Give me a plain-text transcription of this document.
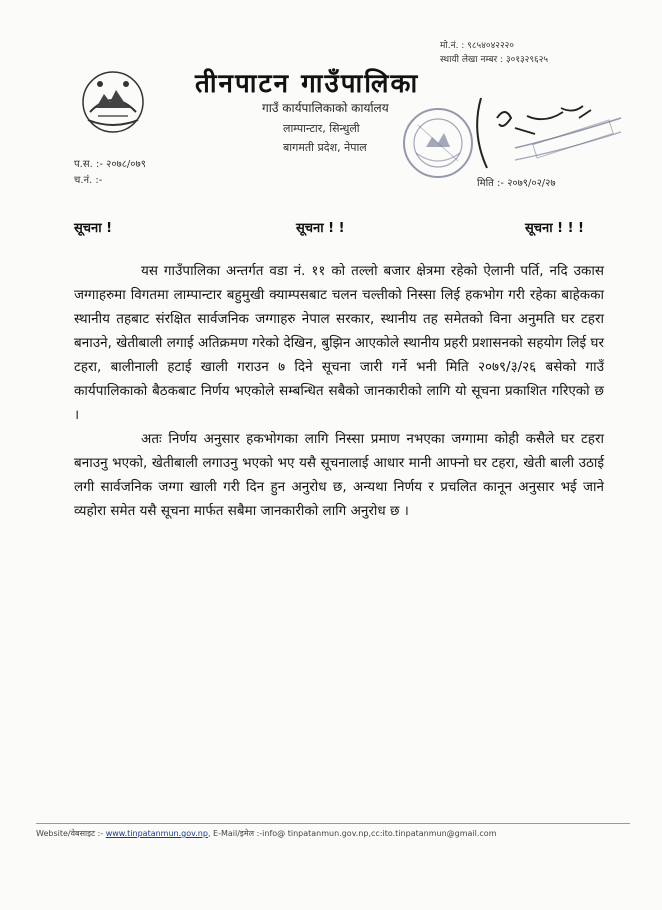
मो.नं. : ९८५४०४२२२०
स्थायी लेखा नम्बर : ३०१३२९६२५
तीनपाटन गाउँपालिका
गाउँ कार्यपालिकाको कार्यालय
लाम्पान्टार, सिन्धुली
बागमती प्रदेश, नेपाल
प.स. :- २०७८/०७९
च.नं. :-	मिति :- २०७९/०२/२७
सूचना !	सूचना ! !	सूचना ! ! !

यस गाउँपालिका अन्तर्गत वडा नं. ११ को तल्लो बजार क्षेत्रमा रहेको ऐलानी पर्ति, नदि उकास जग्गाहरुमा विगतमा लाम्पान्टार बहुमुखी क्याम्पसबाट चलन चल्तीको निस्सा लिई हकभोग गरी रहेका बाहेकका स्थानीय तहबाट संरक्षित सार्वजनिक जग्गाहरु नेपाल सरकार, स्थानीय तह समेतको विना अनुमति घर टहरा बनाउने, खेतीबाली लगाई अतिक्रमण गरेको देखिन, बुझिन आएकोले स्थानीय प्रहरी प्रशासनको सहयोग लिई घर टहरा, बालीनाली हटाई खाली गराउन ७ दिने सूचना जारी गर्ने भनी मिति २०७९/३/२६ बसेको गाउँ कार्यपालिकाको बैठकबाट निर्णय भएकोले सम्बन्धित सबैको जानकारीको लागि यो सूचना प्रकाशित गरिएको छ ।

अतः निर्णय अनुसार हकभोगका लागि निस्सा प्रमाण नभएका जग्गामा कोही कसैले घर टहरा बनाउनु भएको, खेतीबाली लगाउनु भएको भए यसै सूचनालाई आधार मानी आफ्नो घर टहरा, खेती बाली उठाई लगी सार्वजनिक जग्गा खाली गरी दिन हुन अनुरोध छ, अन्यथा निर्णय र प्रचलित कानून अनुसार भई जाने व्यहोरा समेत यसै सूचना मार्फत सबैमा जानकारीको लागि अनुरोध छ ।

Website/वेबसाइट :- www.tinpatanmun.gov.np, E-Mail/इमेल :-info@ tinpatanmun.gov.np,cc:ito.tinpatanmun@gmail.com
